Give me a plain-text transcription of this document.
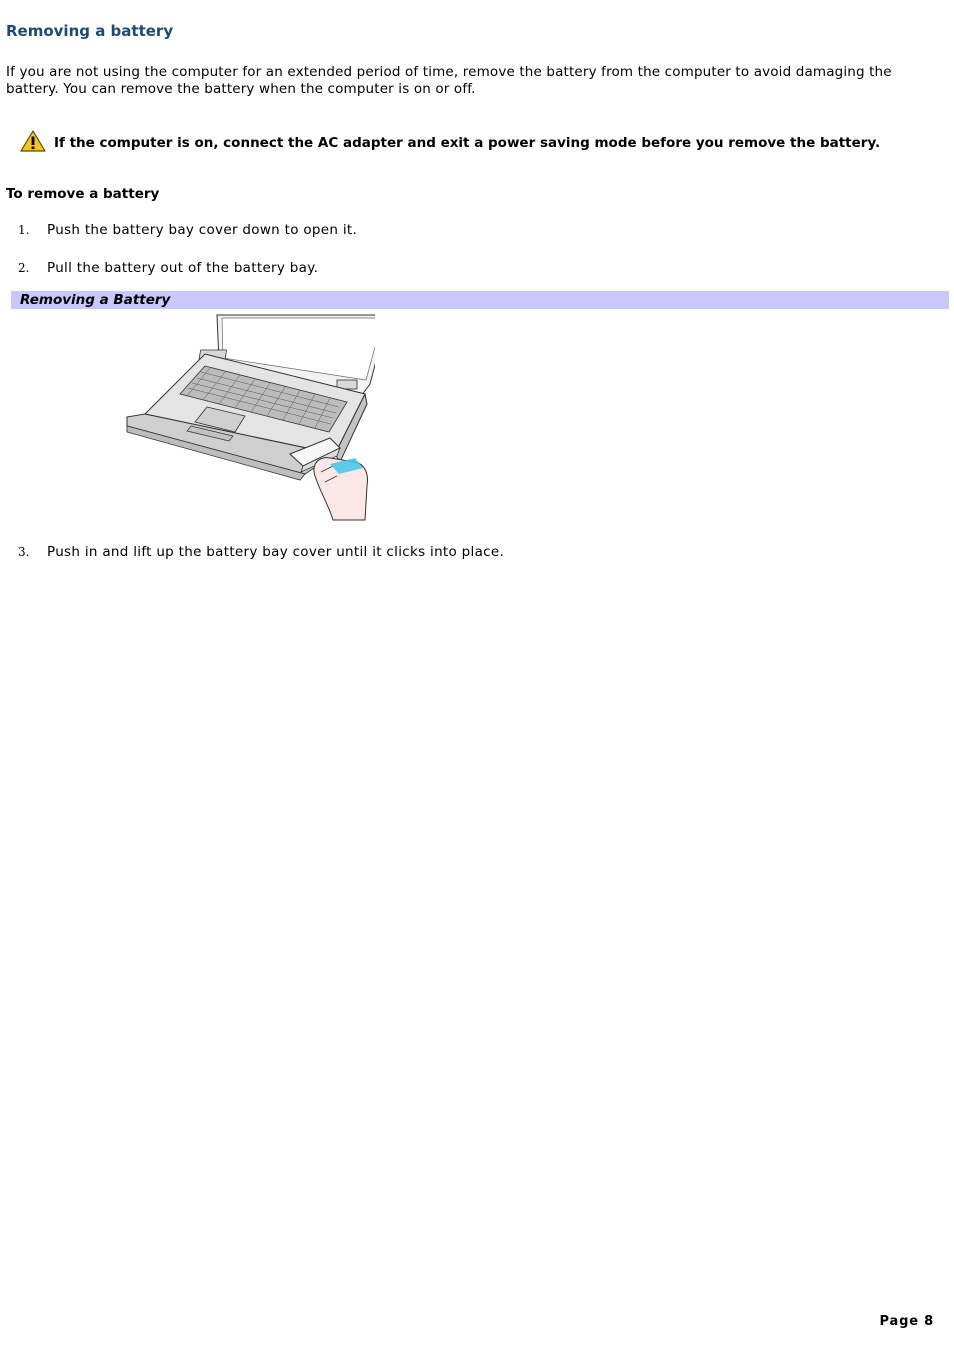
Removing a battery

If you are not using the computer for an extended period of time, remove the battery from the computer to avoid damaging the battery. You can remove the battery when the computer is on or off.

If the computer is on, connect the AC adapter and exit a power saving mode before you remove the battery.
To remove a battery
1.	Push the battery bay cover down to open it.
2.	Pull the battery out of the battery bay.
Removing a Battery
3.	Push in and lift up the battery bay cover until it clicks into place.
Page 8
